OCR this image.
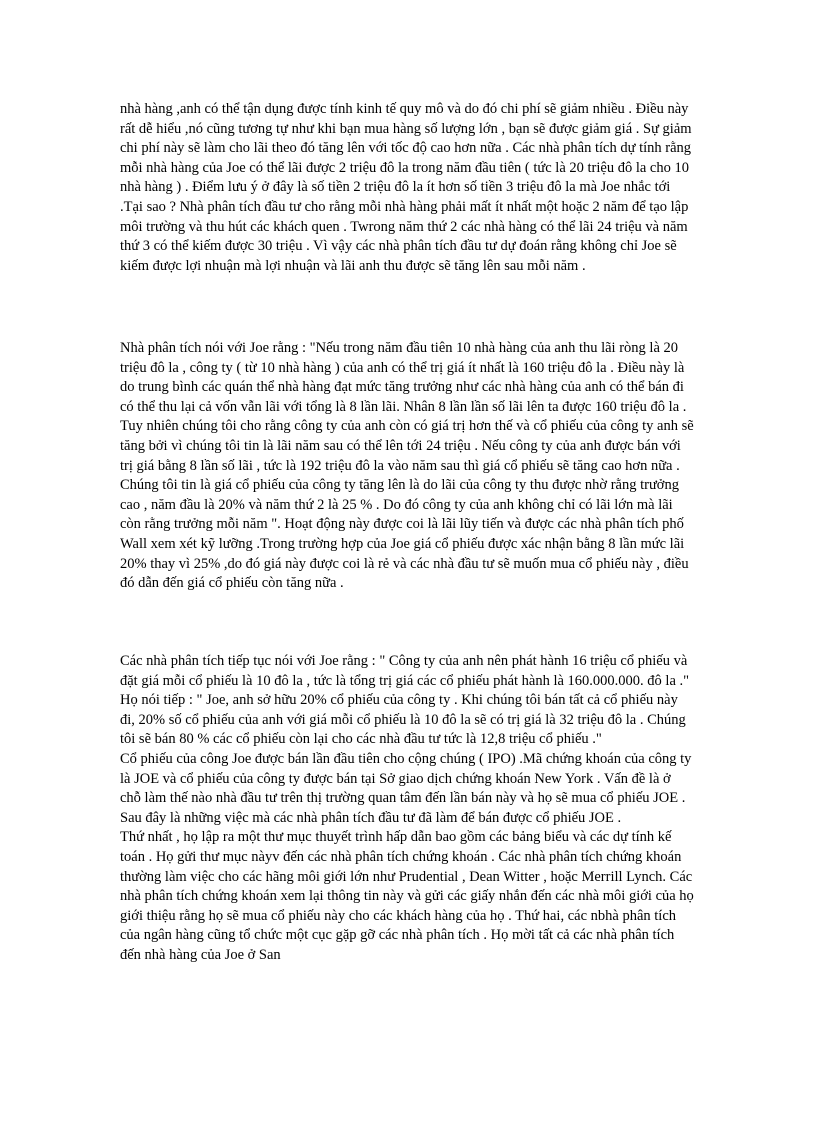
nhà hàng ,anh có thể tận dụng được tính kinh tế quy mô và do đó chi phí sẽ giảm nhiều . Điều này rất dễ hiểu ,nó cũng tương tự như khi bạn mua hàng số lượng lớn , bạn sẽ được giảm giá . Sự giảm chi phí này sẽ làm cho lãi theo đó tăng lên với tốc độ cao hơn nữa . Các nhà phân tích dự tính rằng mỗi nhà hàng của Joe có thể lãi được 2 triệu đô la trong năm đầu tiên ( tức là 20 triệu đô la cho 10 nhà hàng ) . Điểm lưu ý ở đây là số tiền 2 triệu đô la ít hơn số tiền 3 triệu đô la mà Joe nhắc tới .Tại sao ? Nhà phân tích đầu tư cho rằng mỗi nhà hàng phải mất ít nhất một hoặc 2 năm để tạo lập môi trường và thu hút các khách quen . Twrong năm thứ 2 các nhà hàng có thể lãi 24 triệu và năm thứ 3 có thể kiếm được 30 triệu . Vì vậy các nhà phân tích đầu tư dự đoán rằng không chỉ Joe sẽ kiếm được lợi nhuận mà lợi nhuận và lãi anh thu được sẽ tăng lên sau mỗi năm .

Nhà phân tích nói với Joe rằng : "Nếu trong năm đầu tiên 10 nhà hàng của anh thu lãi ròng là 20 triệu đô la , công ty ( từ 10 nhà hàng ) của anh có thể trị giá ít nhất là 160 triệu đô la . Điều này là do trung bình các quán thể nhà hàng đạt mức tăng trưởng như các nhà hàng của anh có thể bán đi có thể thu lại cả vốn vẫn lãi với tổng là 8 lần lãi. Nhân 8 lần lần số lãi lên ta được 160 triệu đô la . Tuy nhiên chúng tôi cho rằng công ty của anh còn có giá trị hơn thế và cổ phiếu của công ty anh sẽ tăng bởi vì chúng tôi tin là lãi năm sau có thể lên tới 24 triệu . Nếu công ty của anh được bán với trị giá bằng 8 lần số lãi , tức là 192 triệu đô la vào năm sau thì giá cổ phiếu sẽ tăng cao hơn nữa . Chúng tôi tin là giá cổ phiếu của công ty tăng lên là do lãi của công ty thu được nhờ rằng trưởng cao , năm đầu là 20% và năm thứ 2 là 25 % . Do đó công ty của anh không chỉ có lãi lớn mà lãi còn rằng trưởng mỗi năm ". Hoạt động này được coi là lãi lũy tiến và được các nhà phân tích phố Wall xem xét kỹ lưỡng .Trong trường hợp của Joe giá cổ phiếu được xác nhận bằng 8 lần mức lãi 20% thay vì 25% ,do đó giá này được coi là rẻ và các nhà đầu tư sẽ muốn mua cổ phiếu này , điều đó dẫn đến giá cổ phiếu còn tăng nữa .

Các nhà phân tích tiếp tục nói với Joe rằng : " Công ty của anh nên phát hành 16 triệu cổ phiếu và đặt giá mỗi cổ phiếu là 10 đô la , tức là tổng trị giá các cổ phiếu phát hành là 160.000.000. đô la ." Họ nói tiếp : " Joe, anh sở hữu 20% cổ phiếu của công ty . Khi chúng tôi bán tất cả cổ phiếu này đi, 20% số cổ phiếu của anh với giá mỗi cổ phiếu là 10 đô la sẽ có trị giá là 32 triệu đô la . Chúng tôi sẽ bán 80 % các cổ phiếu còn lại cho các nhà đầu tư tức là 12,8 triệu cổ phiếu ."

Cổ phiếu của công Joe được bán lần đầu tiên cho cộng chúng ( IPO) .Mã chứng khoán của công ty là JOE và cổ phiếu của công ty được bán tại Sở giao dịch chứng khoán New York . Vấn đề là ở chỗ làm thế nào nhà đầu tư trên thị trường quan tâm đến lần bán này và họ sẽ mua cổ phiếu JOE . Sau đây là những việc mà các nhà phân tích đầu tư đã làm để bán được cổ phiếu JOE .

Thứ nhất , họ lập ra một thư mục thuyết trình hấp dẫn bao gồm các bảng biểu và các dự tính kế toán . Họ gửi thư mục nàyv đến các nhà phân tích chứng khoán . Các nhà phân tích chứng khoán thường làm việc cho các hãng môi giới lớn như Prudential , Dean Witter , hoặc Merrill Lynch. Các nhà phân tích chứng khoán xem lại thông tin này và gửi các giấy nhắn đến các nhà môi giới của họ giới thiệu rằng họ sẽ mua cổ phiếu này cho các khách hàng của họ . Thứ hai, các nbhà phân tích của ngân hàng cũng tổ chức một cục gặp gỡ các nhà phân tích . Họ mời tất cả các nhà phân tích đến nhà hàng của Joe ở San
